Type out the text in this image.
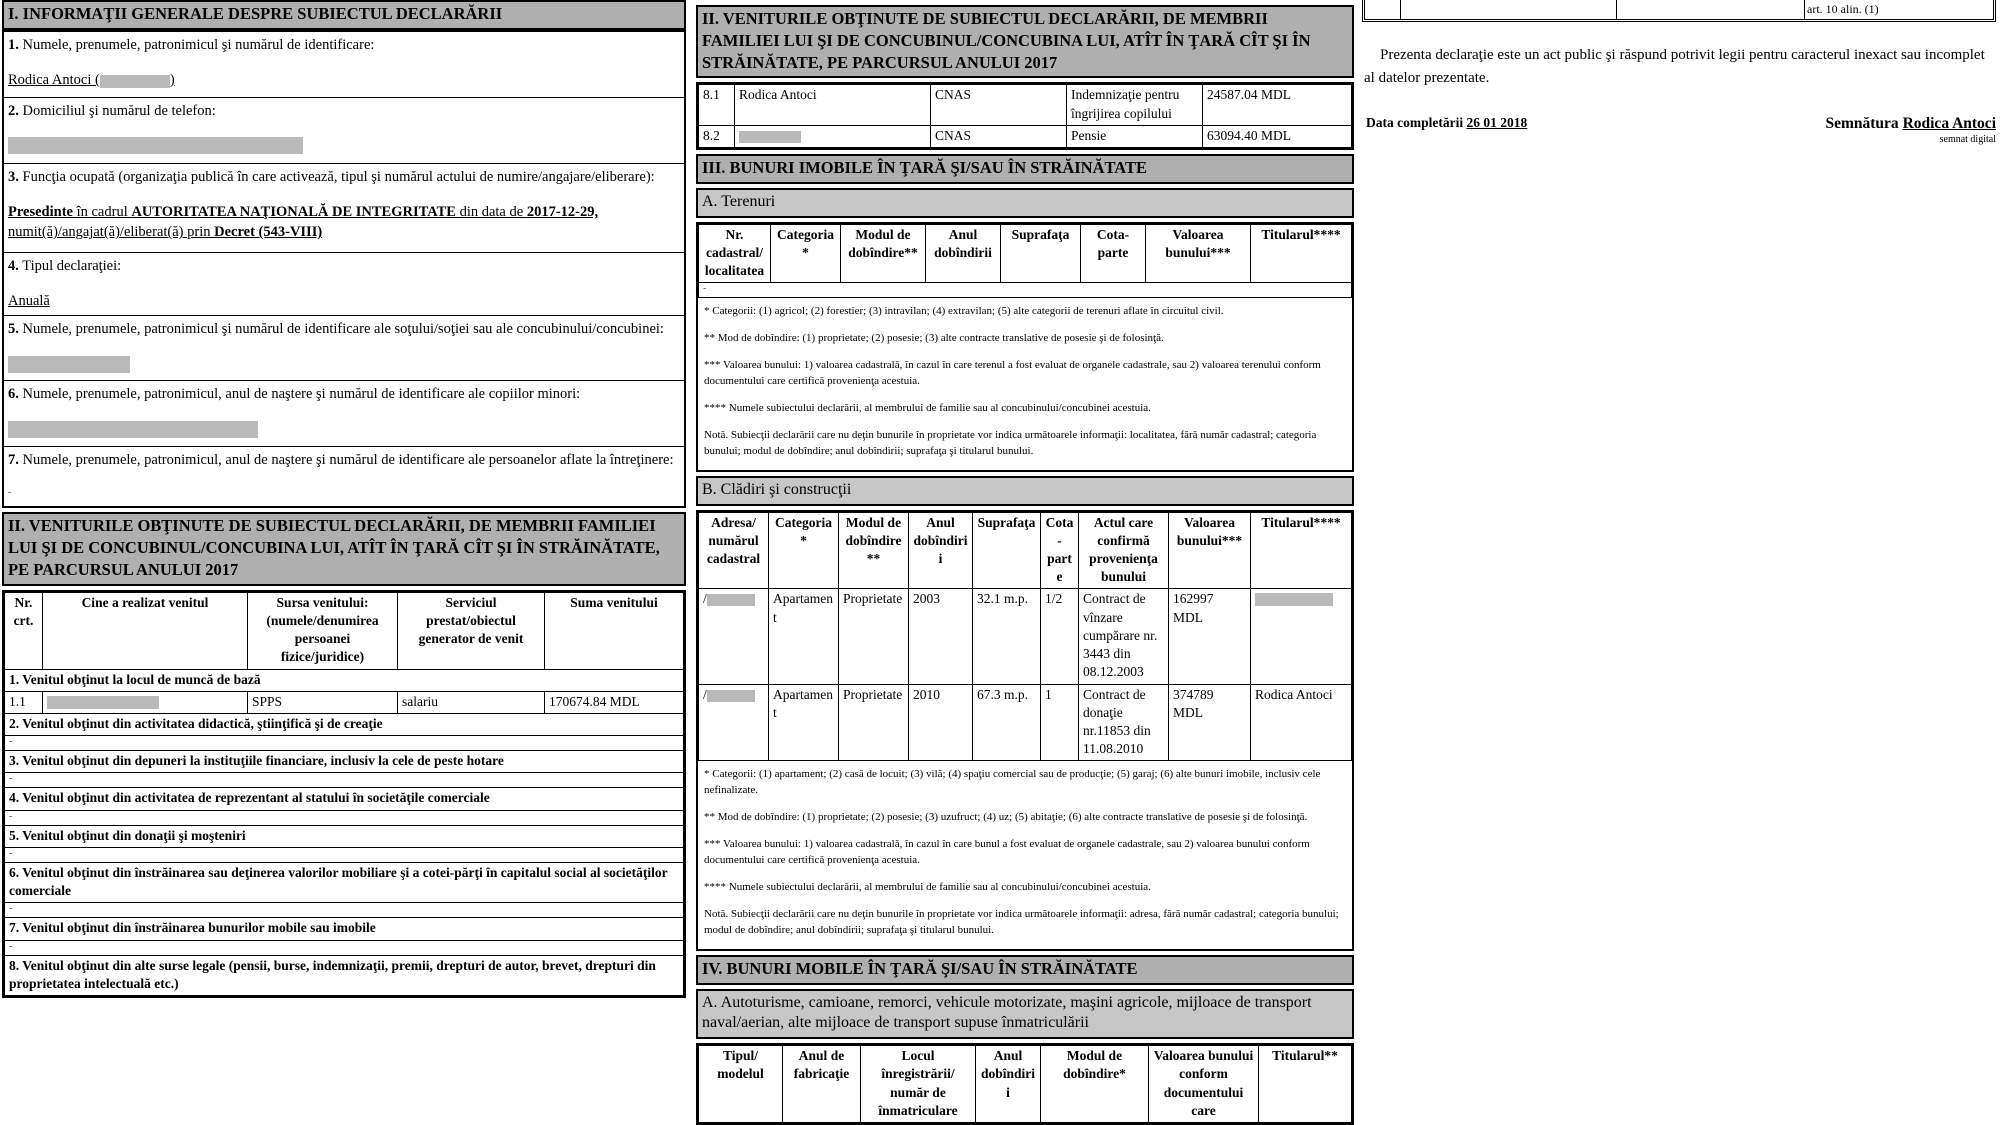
I. INFORMAŢII GENERALE DESPRE SUBIECTUL DECLARĂRII
1. Numele, prenumele, patronimicul şi numărul de identificare:
Rodica Antoci (	)
2. Domiciliul şi numărul de telefon:
3. Funcţia ocupată (organizaţia publică în care activează, tipul şi numărul actului de numire/angajare/eliberare):
Presedinte în cadrul AUTORITATEA NAŢIONALĂ DE INTEGRITATE din data de 2017-12-29,
numit(ă)/angajat(ă)/eliberat(ă) prin Decret (543-VIII)
4. Tipul declaraţiei:
Anuală
5. Numele, prenumele, patronimicul şi numărul de identificare ale soţului/soţiei sau ale concubinului/concubinei:
6. Numele, prenumele, patronimicul, anul de naştere şi numărul de identificare ale copiilor minori:
7. Numele, prenumele, patronimicul, anul de naştere şi numărul de identificare ale persoanelor aflate la întreţinere:
-
II. VENITURILE OBŢINUTE DE SUBIECTUL DECLARĂRII, DE MEMBRII FAMILIEI LUI ŞI DE CONCUBINUL/CONCUBINA LUI, ATÎT ÎN ŢARĂ CÎT ŞI ÎN STRĂINĂTATE, PE PARCURSUL ANULUI 2017
Nr. crt.	Cine a realizat venitul	Sursa venitului: (numele/denumirea persoanei fizice/juridice)	Serviciul prestat/obiectul generator de venit	Suma venitului
1. Venitul obţinut la locul de muncă de bază				
1.1		SPPS	salariu	170674.84 MDL
2. Venitul obţinut din activitatea didactică, ştiinţifică şi de creaţie				
-				
3. Venitul obţinut din depuneri la instituţiile financiare, inclusiv la cele de peste hotare				
-				
4. Venitul obţinut din activitatea de reprezentant al statului în societăţile comerciale				
-				
5. Venitul obţinut din donaţii şi moşteniri				
-				
6. Venitul obţinut din înstrăinarea sau deţinerea valorilor mobiliare şi a cotei-părţi în capitalul social al societăţilor comerciale				
-				
7. Venitul obţinut din înstrăinarea bunurilor mobile sau imobile				
-				
8. Venitul obţinut din alte surse legale (pensii, burse, indemnizaţii, premii, drepturi de autor, brevet, drepturi din proprietatea intelectuală etc.)				
II. VENITURILE OBŢINUTE DE SUBIECTUL DECLARĂRII, DE MEMBRII FAMILIEI LUI ŞI DE CONCUBINUL/CONCUBINA LUI, ATÎT ÎN ŢARĂ CÎT ŞI ÎN STRĂINĂTATE, PE PARCURSUL ANULUI 2017
8.1	Rodica Antoci	CNAS	Indemnizaţie pentru îngrijirea copilului	24587.04 MDL
8.2		CNAS	Pensie	63094.40 MDL
III. BUNURI IMOBILE ÎN ŢARĂ ŞI/SAU ÎN STRĂINĂTATE
A. Terenuri
Nr. cadastral/ localitatea	Categoria*	Modul de dobîndire**	Anul dobîndirii	Suprafaţa	Cota-parte	Valoarea bunului***	Titularul****
-

* Categorii: (1) agricol; (2) forestier; (3) intravilan; (4) extravilan; (5) alte categorii de terenuri aflate în circuitul civil.

** Mod de dobîndire: (1) proprietate; (2) posesie; (3) alte contracte translative de posesie şi de folosinţă.

*** Valoarea bunului: 1) valoarea cadastrală, în cazul în care terenul a fost evaluat de organele cadastrale, sau 2) valoarea terenului conform documentului care certifică provenienţa acestuia.

**** Numele subiectului declarării, al membrului de familie sau al concubinului/concubinei acestuia.

Notă. Subiecţii declarării care nu deţin bunurile în proprietate vor indica următoarele informaţii: localitatea, fără număr cadastral; categoria bunului; modul de dobîndire; anul dobîndirii; suprafaţa şi titularul bunului.

B. Clădiri şi construcţii
Adresa/ numărul cadastral	Categoria*	Modul de dobîndire**	Anul dobîndirii	Suprafaţa	Cota-parte	Actul care confirmă provenienţa bunului	Valoarea bunului***	Titularul****
/	Apartament	Proprietate	2003	32.1 m.p.	1/2	Contract de vînzare cumpărare nr. 3443 din 08.12.2003	162997 MDL	
/	Apartament	Proprietate	2010	67.3 m.p.	1	Contract de donaţie nr.11853 din 11.08.2010	374789 MDL	Rodica Antoci

* Categorii: (1) apartament; (2) casă de locuit; (3) vilă; (4) spaţiu comercial sau de producţie; (5) garaj; (6) alte bunuri imobile, inclusiv cele nefinalizate.

** Mod de dobîndire: (1) proprietate; (2) posesie; (3) uzufruct; (4) uz; (5) abitaţie; (6) alte contracte translative de posesie şi de folosinţă.

*** Valoarea bunului: 1) valoarea cadastrală, în cazul în care bunul a fost evaluat de organele cadastrale, sau 2) valoarea bunului conform documentului care certifică provenienţa acestuia.

**** Numele subiectului declarării, al membrului de familie sau al concubinului/concubinei acestuia.

Notă. Subiecţii declarării care nu deţin bunurile în proprietate vor indica următoarele informaţii: adresa, fără număr cadastral; categoria bunului; modul de dobîndire; anul dobîndirii; suprafaţa şi titularul bunului.

IV. BUNURI MOBILE ÎN ŢARĂ ŞI/SAU ÎN STRĂINĂTATE
A. Autoturisme, camioane, remorci, vehicule motorizate, maşini agricole, mijloace de transport naval/aerian, alte mijloace de transport supuse înmatriculării
Tipul/ modelul	Anul de fabricaţie	Locul înregistrării/ număr de înmatriculare	Anul dobîndirii	Modul de dobîndire*	Valoarea bunului conform documentului care	Titularul**
art. 10 alin. (1)
Prezenta declaraţie este un act public şi răspund potrivit legii pentru caracterul inexact sau incomplet al datelor prezentate.
Data completării 26 01 2018	Semnătura Rodica Antoci
semnat digital
